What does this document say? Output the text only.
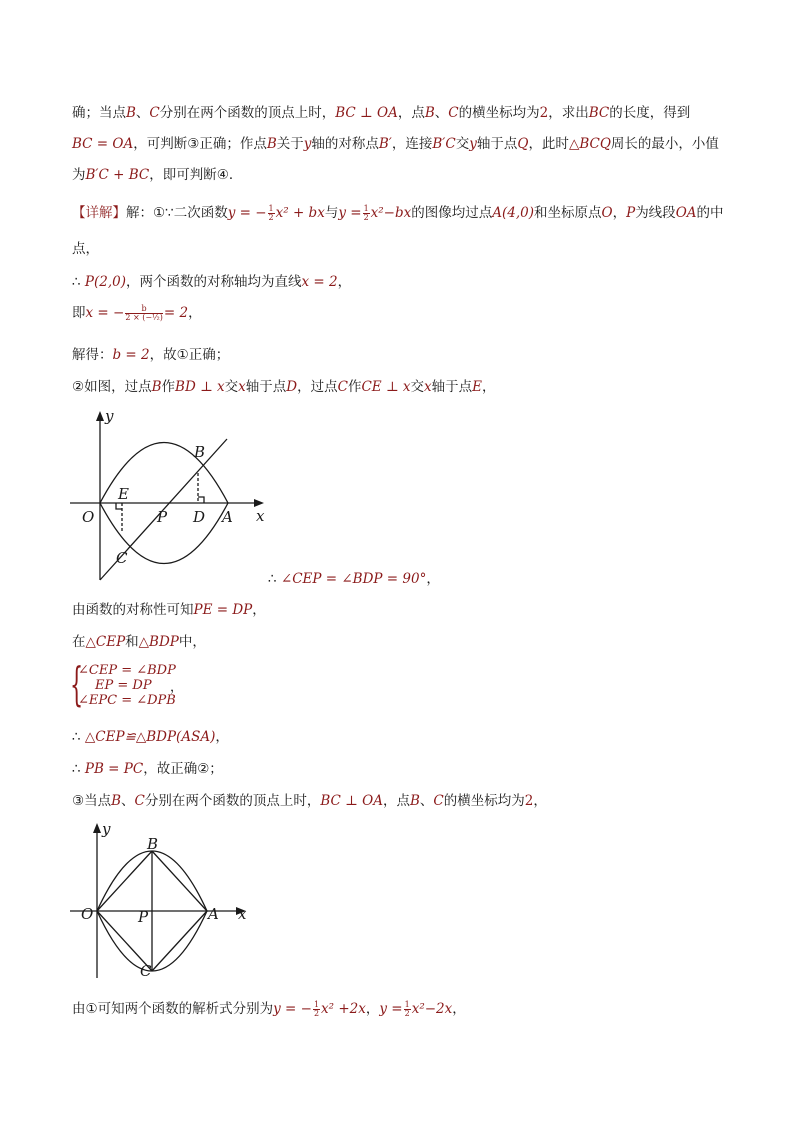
确；当点B、C分别在两个函数的顶点上时，BC ⊥ OA，点B、C的横坐标均为2，求出BC的长度，得到
BC = OA，可判断③正确；作点B关于y轴的对称点B′，连接B′C交y轴于点Q，此时△BCQ周长的最小，小值
为B′C + BC，即可判断④．
【详解】解：①∵二次函数y = − $\frac{1}{2} x^2$ + bx与$y = \frac{1}{2} x^2-bx$的图像均过点A(4,0)和坐标原点O，P为线段OA的中
点，
∴ P(2,0)，两个函数的对称轴均为直线x = 2，
即x = − $\frac{b}{\text{2 × (−½)}} = 2$，
解得：b = 2，故①正确；
②如图，过点B作BD ⊥ x交x轴于点D，过点C作CE ⊥ x交x轴于点E，
y
x
O
E
P D A
B
C
∴ ∠CEP = ∠BDP = 90°，
由函数的对称性可知PE = DP，
在△CEP和△BDP中，
{
∠CEP = ∠BDP
EP = DP
∠EPC = ∠DPB
，
∴ △CEP≌△BDP(ASA)，
∴ PB = PC，故正确②；
③当点B、C分别在两个函数的顶点上时，BC ⊥ OA，点B、C的横坐标均为2，
y
x
O	P	A
B
C
由①可知两个函数的解析式分别为y = − $\frac{1}{2} x^2 +2x$，$y = \frac{1}{2} x^2-2x$，
